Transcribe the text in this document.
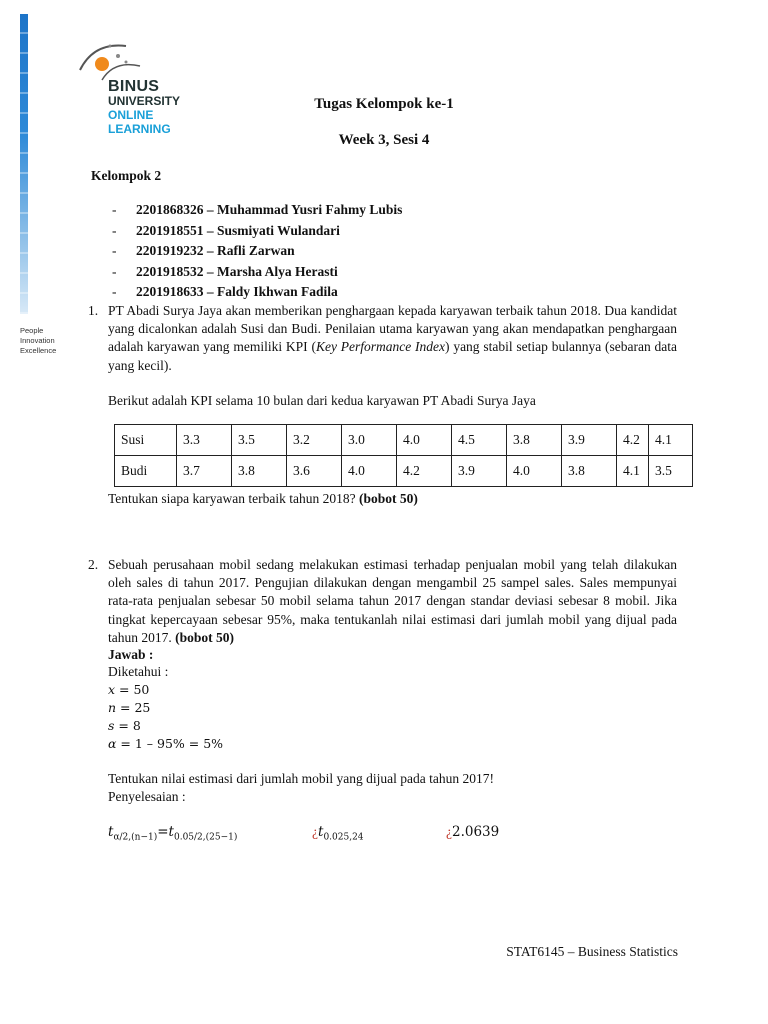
BINUS
UNIVERSITY
ONLINE
LEARNING
People
Innovation
Excellence
Tugas Kelompok ke-1
Week 3, Sesi 4
Kelompok 2
- 2201868326 – Muhammad Yusri Fahmy Lubis
- 2201918551 – Susmiyati Wulandari
- 2201919232 – Rafli Zarwan
- 2201918532 – Marsha Alya Herasti
- 2201918633 – Faldy Ikhwan Fadila
1. PT Abadi Surya Jaya akan memberikan penghargaan kepada karyawan terbaik tahun 2018. Dua kandidat yang dicalonkan adalah Susi dan Budi. Penilaian utama karyawan yang akan mendapatkan penghargaan adalah karyawan yang memiliki KPI (Key Performance Index) yang stabil setiap bulannya (sebaran data yang kecil).
Berikut adalah KPI selama 10 bulan dari kedua karyawan PT Abadi Surya Jaya
Susi	3.3	3.5	3.2	3.0	4.0	4.5	3.8	3.9	4.2	4.1
Budi	3.7	3.8	3.6	4.0	4.2	3.9	4.0	3.8	4.1	3.5
Tentukan siapa karyawan terbaik tahun 2018? (bobot 50)
2. Sebuah perusahaan mobil sedang melakukan estimasi terhadap penjualan mobil yang telah dilakukan oleh sales di tahun 2017. Pengujian dilakukan dengan mengambil 25 sampel sales. Sales mempunyai rata-rata penjualan sebesar 50 mobil selama tahun 2017 dengan standar deviasi sebesar 8 mobil. Jika tingkat kepercayaan sebesar 95%, maka tentukanlah nilai estimasi dari jumlah mobil yang dijual pada tahun 2017. (bobot 50)
Jawab :
Diketahui :
x = 50
n = 25
s = 8
α = 1 – 95% = 5%
Tentukan nilai estimasi dari jumlah mobil yang dijual pada tahun 2017!
Penyelesaian :
$t_{\alpha/2,(n-1)}=t_{0.05/2,(25-1)}$	¿$t_{0.025,24}$	¿2.0639
STAT6145 – Business Statistics
